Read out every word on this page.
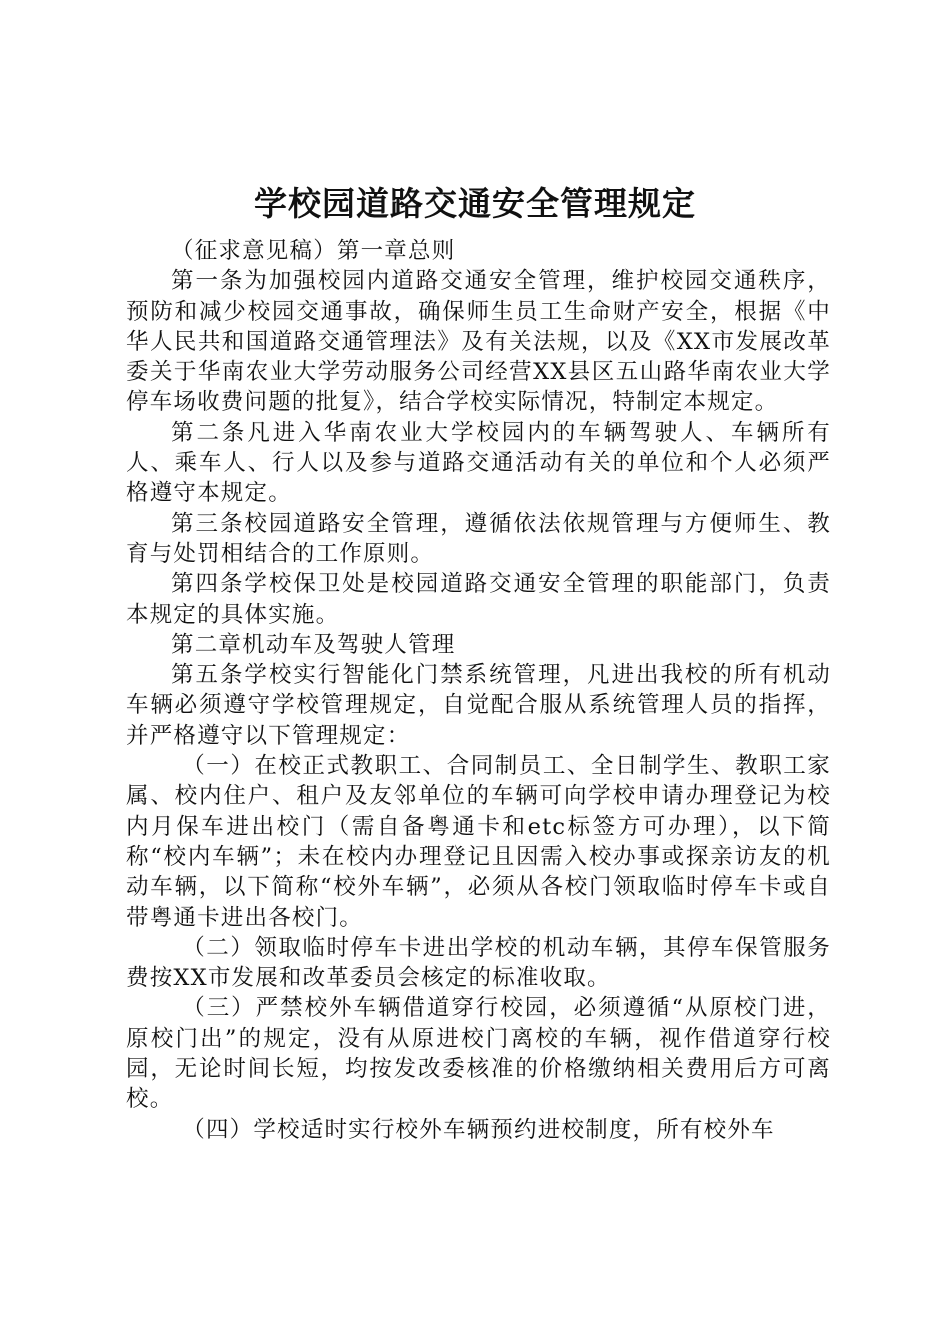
学校园道路交通安全管理规定

（征求意见稿）第一章总则

第一条为加强校园内道路交通安全管理，维护校园交通秩序，预防和减少校园交通事故，确保师生员工生命财产安全，根据《中华人民共和国道路交通管理法》及有关法规，以及《XX市发展改革委关于华南农业大学劳动服务公司经营XX县区五山路华南农业大学停车场收费问题的批复》，结合学校实际情况，特制定本规定。

第二条凡进入华南农业大学校园内的车辆驾驶人、车辆所有人、乘车人、行人以及参与道路交通活动有关的单位和个人必须严格遵守本规定。

第三条校园道路安全管理，遵循依法依规管理与方便师生、教育与处罚相结合的工作原则。

第四条学校保卫处是校园道路交通安全管理的职能部门，负责本规定的具体实施。

第二章机动车及驾驶人管理

第五条学校实行智能化门禁系统管理，凡进出我校的所有机动车辆必须遵守学校管理规定，自觉配合服从系统管理人员的指挥，并严格遵守以下管理规定：

（一）在校正式教职工、合同制员工、全日制学生、教职工家属、校内住户、租户及友邻单位的车辆可向学校申请办理登记为校内月保车进出校门（需自备粤通卡和etc标签方可办理），以下简称“校内车辆”；未在校内办理登记且因需入校办事或探亲访友的机动车辆，以下简称“校外车辆”，必须从各校门领取临时停车卡或自带粤通卡进出各校门。

（二）领取临时停车卡进出学校的机动车辆，其停车保管服务费按XX市发展和改革委员会核定的标准收取。

（三）严禁校外车辆借道穿行校园，必须遵循“从原校门进，原校门出”的规定，没有从原进校门离校的车辆，视作借道穿行校园，无论时间长短，均按发改委核准的价格缴纳相关费用后方可离校。

（四）学校适时实行校外车辆预约进校制度，所有校外车
